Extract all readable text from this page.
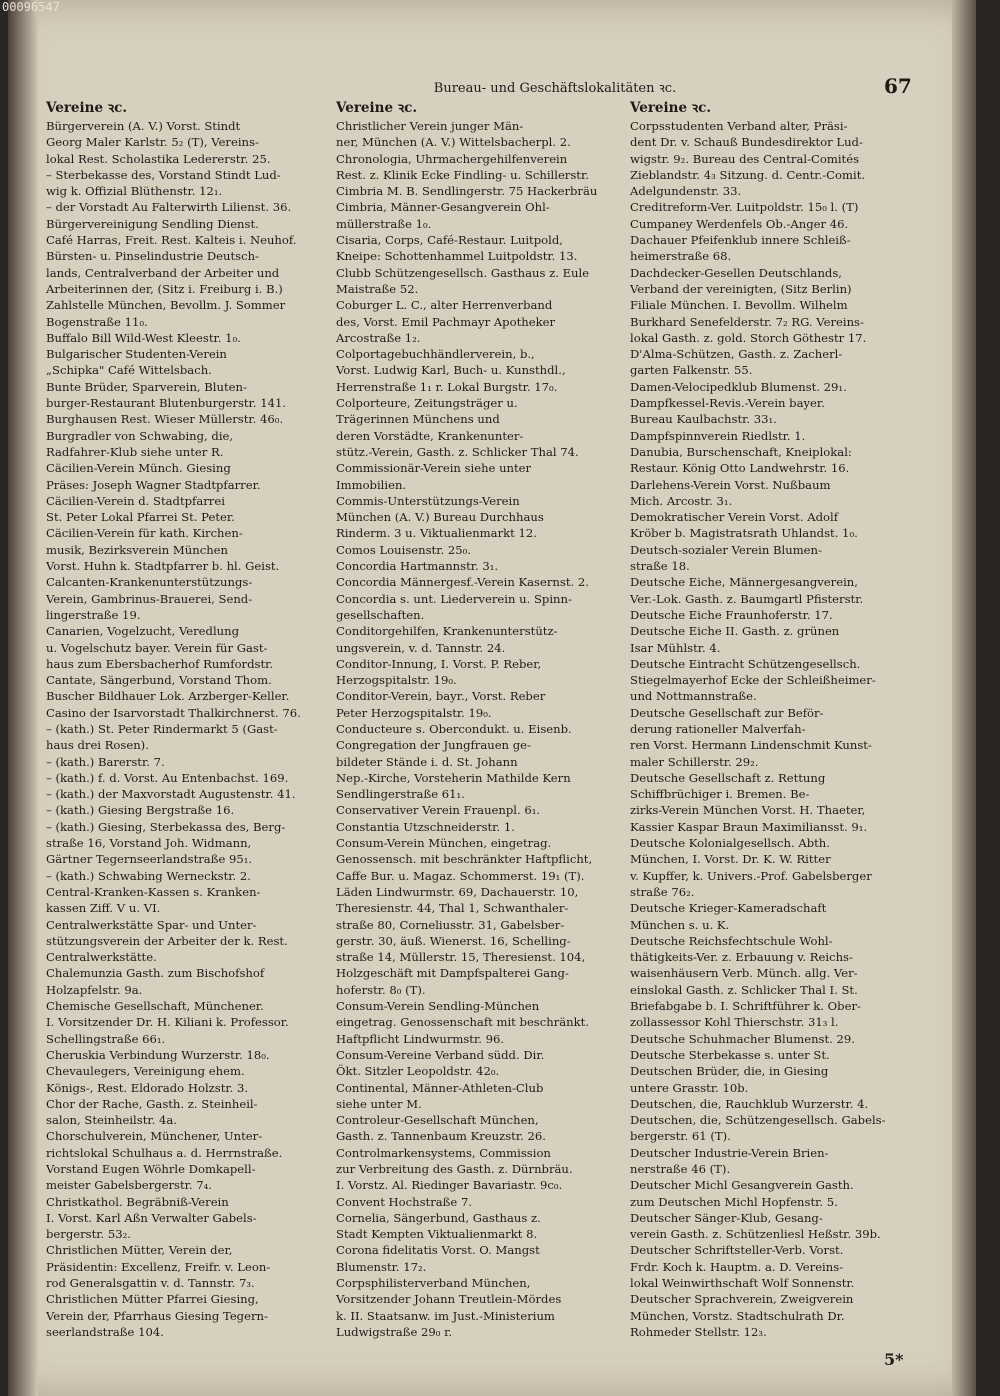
00096547
Bureau- und Geschäftslokalitäten ꝛc.	67
Vereine ꝛc.
Bürgerverein (A. V.) Vorst. Stindt
Georg Maler Karlstr. 5₂ (T), Vereins-
lokal Rest. Scholastika Ledererstr. 25.
– Sterbekasse des, Vorstand Stindt Lud-
wig k. Offizial Blüthenstr. 12₁.
– der Vorstadt Au Falterwirth Lilienst. 36.
Bürgervereinigung Sendling Dienst.
Café Harras, Freit. Rest. Kalteis i. Neuhof.
Bürsten- u. Pinselindustrie Deutsch-
lands, Centralverband der Arbeiter und
Arbeiterinnen der, (Sitz i. Freiburg i. B.)
Zahlstelle München, Bevollm. J. Sommer
Bogenstraße 11₀.
Buffalo Bill Wild-West Kleestr. 1₀.
Bulgarischer Studenten-Verein
„Schipka" Café Wittelsbach.
Bunte Brüder, Sparverein, Bluten-
burger-Restaurant Blutenburgerstr. 141.
Burghausen Rest. Wieser Müllerstr. 46₀.
Burgradler von Schwabing, die,
Radfahrer-Klub siehe unter R.
Cäcilien-Verein Münch. Giesing
Präses: Joseph Wagner Stadtpfarrer.
Cäcilien-Verein d. Stadtpfarrei
St. Peter Lokal Pfarrei St. Peter.
Cäcilien-Verein für kath. Kirchen-
musik, Bezirksverein München
Vorst. Huhn k. Stadtpfarrer b. hl. Geist.
Calcanten-Krankenunterstützungs-
Verein, Gambrinus-Brauerei, Send-
lingerstraße 19.
Canarien, Vogelzucht, Veredlung
u. Vogelschutz bayer. Verein für Gast-
haus zum Ebersbacherhof Rumfordstr.
Cantate, Sängerbund, Vorstand Thom.
Buscher Bildhauer Lok. Arzberger-Keller.
Casino der Isarvorstadt Thalkirchnerst. 76.
– (kath.) St. Peter Rindermarkt 5 (Gast-
haus drei Rosen).
– (kath.) Barerstr. 7.
– (kath.) f. d. Vorst. Au Entenbachst. 169.
– (kath.) der Maxvorstadt Augustenstr. 41.
– (kath.) Giesing Bergstraße 16.
– (kath.) Giesing, Sterbekassa des, Berg-
straße 16, Vorstand Joh. Widmann,
Gärtner Tegernseerlandstraße 95₁.
– (kath.) Schwabing Werneckstr. 2.
Central-Kranken-Kassen s. Kranken-
kassen Ziff. V u. VI.
Centralwerkstätte Spar- und Unter-
stützungsverein der Arbeiter der k. Rest.
Centralwerkstätte.
Chalemunzia Gasth. zum Bischofshof
Holzapfelstr. 9a.
Chemische Gesellschaft, Münchener.
I. Vorsitzender Dr. H. Kiliani k. Professor.
Schellingstraße 66₁.
Cheruskia Verbindung Wurzerstr. 18₀.
Chevaulegers, Vereinigung ehem.
Königs-, Rest. Eldorado Holzstr. 3.
Chor der Rache, Gasth. z. Steinheil-
salon, Steinheilstr. 4a.
Chorschulverein, Münchener, Unter-
richtslokal Schulhaus a. d. Herrnstraße.
Vorstand Eugen Wöhrle Domkapell-
meister Gabelsbergerstr. 7₄.
Christkathol. Begräbniß-Verein
I. Vorst. Karl Aßn Verwalter Gabels-
bergerstr. 53₂.
Christlichen Mütter, Verein der,
Präsidentin: Excellenz, Freifr. v. Leon-
rod Generalsgattin v. d. Tannstr. 7₃.
Christlichen Mütter Pfarrei Giesing,
Verein der, Pfarrhaus Giesing Tegern-
seerlandstraße 104.
Vereine ꝛc.
Christlicher Verein junger Män-
ner, München (A. V.) Wittelsbacherpl. 2.
Chronologia, Uhrmachergehilfenverein
Rest. z. Klinik Ecke Findling- u. Schillerstr.
Cimbria M. B. Sendlingerstr. 75 Hackerbräu
Cimbria, Männer-Gesangverein Ohl-
müllerstraße 1₀.
Cisaria, Corps, Café-Restaur. Luitpold,
Kneipe: Schottenhammel Luitpoldstr. 13.
Clubb Schützengesellsch. Gasthaus z. Eule
Maistraße 52.
Coburger L. C., alter Herrenverband
des, Vorst. Emil Pachmayr Apotheker
Arcostraße 1₂.
Colportagebuchhändlerverein, b.,
Vorst. Ludwig Karl, Buch- u. Kunsthdl.,
Herrenstraße 1₁ r. Lokal Burgstr. 17₀.
Colporteure, Zeitungsträger u.
Trägerinnen Münchens und
deren Vorstädte, Krankenunter-
stütz.-Verein, Gasth. z. Schlicker Thal 74.
Commissionär-Verein siehe unter
Immobilien.
Commis-Unterstützungs-Verein
München (A. V.) Bureau Durchhaus
Rinderm. 3 u. Viktualienmarkt 12.
Comos Louisenstr. 25₀.
Concordia Hartmannstr. 3₁.
Concordia Männergesf.-Verein Kasernst. 2.
Concordia s. unt. Liederverein u. Spinn-
gesellschaften.
Conditorgehilfen, Krankenunterstütz-
ungsverein, v. d. Tannstr. 24.
Conditor-Innung, I. Vorst. P. Reber,
Herzogspitalstr. 19₀.
Conditor-Verein, bayr., Vorst. Reber
Peter Herzogspitalstr. 19₀.
Conducteure s. Obercondukt. u. Eisenb.
Congregation der Jungfrauen ge-
bildeter Stände i. d. St. Johann
Nep.-Kirche, Vorsteherin Mathilde Kern
Sendlingerstraße 61₁.
Conservativer Verein Frauenpl. 6₁.
Constantia Utzschneiderstr. 1.
Consum-Verein München, eingetrag.
Genossensch. mit beschränkter Haftpflicht,
Caffe Bur. u. Magaz. Schommerst. 19₁ (T).
Läden Lindwurmstr. 69, Dachauerstr. 10,
Theresienstr. 44, Thal 1, Schwanthaler-
straße 80, Corneliusstr. 31, Gabelsber-
gerstr. 30, äuß. Wienerst. 16, Schelling-
straße 14, Müllerstr. 15, Theresienst. 104,
Holzgeschäft mit Dampfspalterei Gang-
hoferstr. 8₀ (T).
Consum-Verein Sendling-München
eingetrag. Genossenschaft mit beschränkt.
Haftpflicht Lindwurmstr. 96.
Consum-Vereine Verband südd. Dir.
Ökt. Sitzler Leopoldstr. 42₀.
Continental, Männer-Athleten-Club
siehe unter M.
Controleur-Gesellschaft München,
Gasth. z. Tannenbaum Kreuzstr. 26.
Controlmarkensystems, Commission
zur Verbreitung des Gasth. z. Dürnbräu.
I. Vorstz. Al. Riedinger Bavariastr. 9c₀.
Convent Hochstraße 7.
Cornelia, Sängerbund, Gasthaus z.
Stadt Kempten Viktualienmarkt 8.
Corona fidelitatis Vorst. O. Mangst
Blumenstr. 17₂.
Corpsphilisterverband München,
Vorsitzender Johann Treutlein-Mördes
k. II. Staatsanw. im Just.-Ministerium
Ludwigstraße 29₀ r.
Vereine ꝛc.
Corpsstudenten Verband alter, Präsi-
dent Dr. v. Schauß Bundesdirektor Lud-
wigstr. 9₂. Bureau des Central-Comités
Zieblandstr. 4₃ Sitzung. d. Centr.-Comit.
Adelgundenstr. 33.
Creditreform-Ver. Luitpoldstr. 15₀ l. (T)
Cumpaney Werdenfels Ob.-Anger 46.
Dachauer Pfeifenklub innere Schleiß-
heimerstraße 68.
Dachdecker-Gesellen Deutschlands,
Verband der vereinigten, (Sitz Berlin)
Filiale München. I. Bevollm. Wilhelm
Burkhard Senefelderstr. 7₂ RG. Vereins-
lokal Gasth. z. gold. Storch Göthestr 17.
D'Alma-Schützen, Gasth. z. Zacherl-
garten Falkenstr. 55.
Damen-Velocipedklub Blumenst. 29₁.
Dampfkessel-Revis.-Verein bayer.
Bureau Kaulbachstr. 33₁.
Dampfspinnverein Riedlstr. 1.
Danubia, Burschenschaft, Kneiplokal:
Restaur. König Otto Landwehrstr. 16.
Darlehens-Verein Vorst. Nußbaum
Mich. Arcostr. 3₁.
Demokratischer Verein Vorst. Adolf
Kröber b. Magistratsrath Uhlandst. 1₀.
Deutsch-sozialer Verein Blumen-
straße 18.
Deutsche Eiche, Männergesangverein,
Ver.-Lok. Gasth. z. Baumgartl Pfisterstr.
Deutsche Eiche Fraunhoferstr. 17.
Deutsche Eiche II. Gasth. z. grünen
Isar Mühlstr. 4.
Deutsche Eintracht Schützengesellsch.
Stiegelmayerhof Ecke der Schleißheimer-
und Nottmannstraße.
Deutsche Gesellschaft zur Beför-
derung rationeller Malverfah-
ren Vorst. Hermann Lindenschmit Kunst-
maler Schillerstr. 29₂.
Deutsche Gesellschaft z. Rettung
Schiffbrüchiger i. Bremen. Be-
zirks-Verein München Vorst. H. Thaeter,
Kassier Kaspar Braun Maximiliansst. 9₁.
Deutsche Kolonialgesellsch. Abth.
München, I. Vorst. Dr. K. W. Ritter
v. Kupffer, k. Univers.-Prof. Gabelsberger
straße 76₂.
Deutsche Krieger-Kameradschaft
München s. u. K.
Deutsche Reichsfechtschule Wohl-
thätigkeits-Ver. z. Erbauung v. Reichs-
waisenhäusern Verb. Münch. allg. Ver-
einslokal Gasth. z. Schlicker Thal I. St.
Briefabgabe b. I. Schriftführer k. Ober-
zollassessor Kohl Thierschstr. 31₃ l.
Deutsche Schuhmacher Blumenst. 29.
Deutsche Sterbekasse s. unter St.
Deutschen Brüder, die, in Giesing
untere Grasstr. 10b.
Deutschen, die, Rauchklub Wurzerstr. 4.
Deutschen, die, Schützengesellsch. Gabels-
bergerstr. 61 (T).
Deutscher Industrie-Verein Brien-
nerstraße 46 (T).
Deutscher Michl Gesangverein Gasth.
zum Deutschen Michl Hopfenstr. 5.
Deutscher Sänger-Klub, Gesang-
verein Gasth. z. Schützenliesl Heßstr. 39b.
Deutscher Schriftsteller-Verb. Vorst.
Frdr. Koch k. Hauptm. a. D. Vereins-
lokal Weinwirthschaft Wolf Sonnenstr.
Deutscher Sprachverein, Zweigverein
München, Vorstz. Stadtschulrath Dr.
Rohmeder Stellstr. 12₃.
5*
